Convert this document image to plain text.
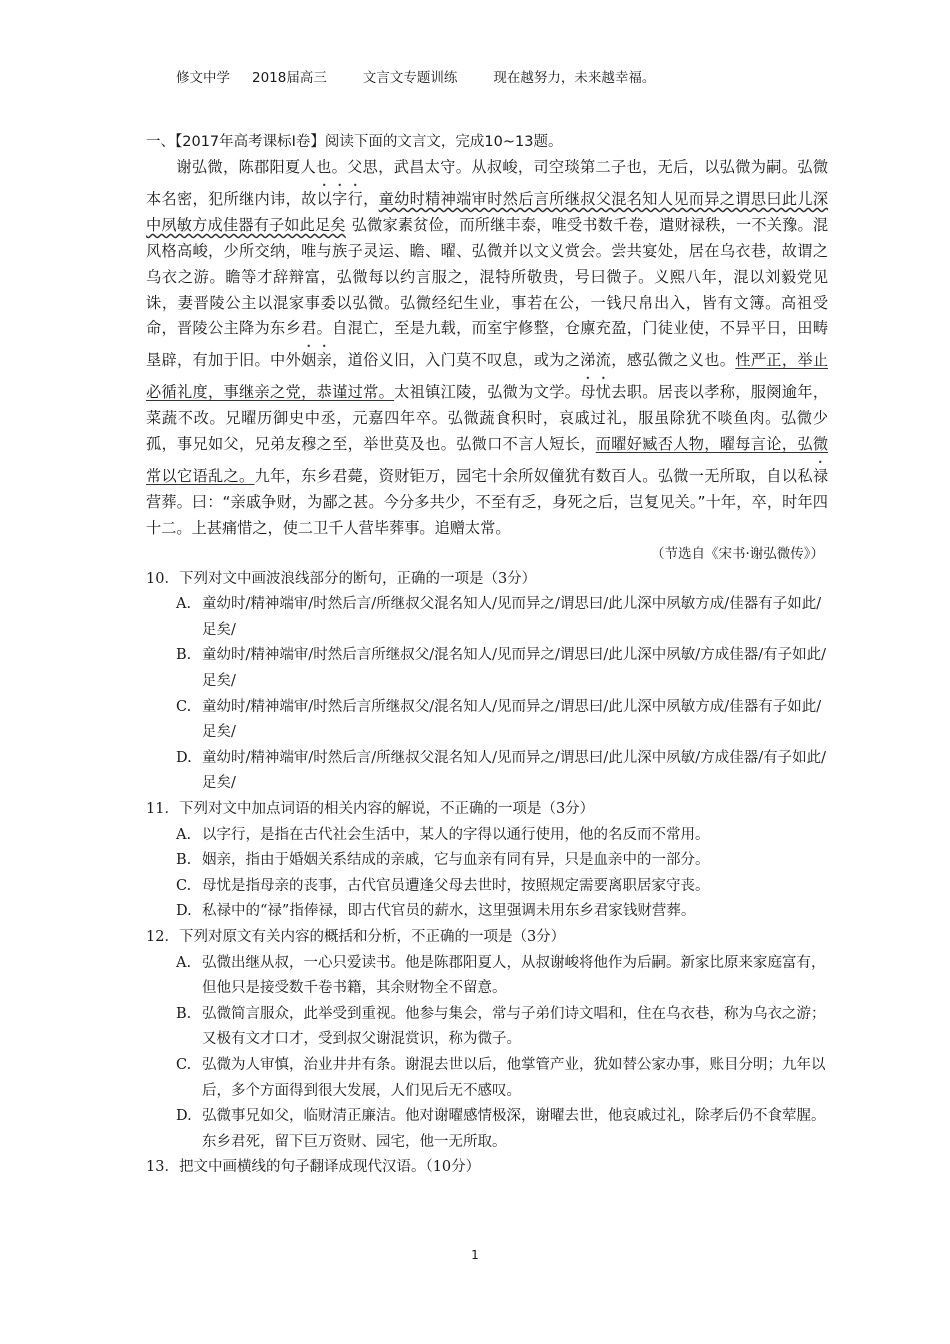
修文中学 2018届高三	文言文专题训练	现在越努力，未来越幸福。
一、【2017年高考课标Ⅰ卷】阅读下面的文言文，完成10~13题。

谢弘微，陈郡阳夏人也。父思，武昌太守。从叔峻，司空琰第二子也，无后，以弘微为嗣。弘微本名密，犯所继内讳，故以字行，童幼时精神端审时然后言所继叔父混名知人见而异之谓思曰此儿深中夙敏方成佳器有子如此足矣 弘微家素贫俭，而所继丰泰，唯受书数千卷，遣财禄秩，一不关豫。混风格高峻，少所交纳，唯与族子灵运、瞻、曜、弘微并以文义赏会。尝共宴处，居在乌衣巷，故谓之乌衣之游。瞻等才辞辩富，弘微每以约言服之，混特所敬贵，号曰微子。义熙八年，混以刘毅党见诛，妻晋陵公主以混家事委以弘微。弘微经纪生业，事若在公，一钱尺帛出入，皆有文簿。高祖受命，晋陵公主降为东乡君。自混亡，至是九载，而室宇修整，仓廪充盈，门徒业使，不异平日，田畴垦辟，有加于旧。中外姻亲，道俗义旧，入门莫不叹息，或为之涕流，感弘微之义也。性严正，举止必循礼度，事继亲之党，恭谨过常。太祖镇江陵，弘微为文学。母忧去职。居丧以孝称，服阕逾年，菜蔬不改。兄曜历御史中丞，元嘉四年卒。弘微蔬食积时，哀戚过礼，服虽除犹不啖鱼肉。弘微少孤，事兄如父，兄弟友穆之至，举世莫及也。弘微口不言人短长，而曜好臧否人物，曜每言论，弘微常以它语乱之。九年，东乡君薨，资财钜万，园宅十余所奴僮犹有数百人。弘微一无所取，自以私禄营葬。曰：“亲戚争财，为鄙之甚。今分多共少，不至有乏，身死之后，岂复见关。”十年，卒，时年四十二。上甚痛惜之，使二卫千人营毕葬事。追赠太常。

（节选自《宋书·谢弘微传》）

10．下列对文中画波浪线部分的断句，正确的一项是（3分）

A. 童幼时/精神端审/时然后言/所继叔父混名知人/见而异之/谓思曰/此儿深中夙敏方成/佳器有子如此/足矣/
B. 童幼时/精神端审/时然后言所继叔父/混名知人/见而异之/谓思曰/此儿深中夙敏/方成佳器/有子如此/足矣/
C. 童幼时/精神端审/时然后言所继叔父/混名知人/见而异之/谓思曰/此儿深中夙敏方成/佳器有子如此/足矣/
D. 童幼时/精神端审/时然后言/所继叔父混名知人/见而异之/谓思曰/此儿深中夙敏/方成佳器/有子如此/足矣/

11．下列对文中加点词语的相关内容的解说，不正确的一项是（3分）

A. 以字行，是指在古代社会生活中，某人的字得以通行使用，他的名反而不常用。
B. 姻亲，指由于婚姻关系结成的亲戚，它与血亲有同有异，只是血亲中的一部分。
C. 母忧是指母亲的丧事，古代官员遭逢父母去世时，按照规定需要离职居家守丧。
D. 私禄中的“禄”指俸禄，即古代官员的薪水，这里强调未用东乡君家钱财营葬。

12．下列对原文有关内容的概括和分析，不正确的一项是（3分）

A. 弘微出继从叔，一心只爱读书。他是陈郡阳夏人，从叔谢峻将他作为后嗣。新家比原来家庭富有，但他只是接受数千卷书籍，其余财物全不留意。
B. 弘微简言服众，此举受到重视。他参与集会，常与子弟们诗文唱和，住在乌衣巷，称为乌衣之游；又极有文才口才，受到叔父谢混赏识，称为微子。
C. 弘微为人审慎，治业井井有条。谢混去世以后，他掌管产业，犹如替公家办事，账目分明；九年以后，多个方面得到很大发展，人们见后无不感叹。
D. 弘微事兄如父，临财清正廉洁。他对谢曜感情极深，谢曜去世，他哀戚过礼，除孝后仍不食荤腥。东乡君死，留下巨万资财、园宅，他一无所取。

13．把文中画横线的句子翻译成现代汉语。（10分）

1
